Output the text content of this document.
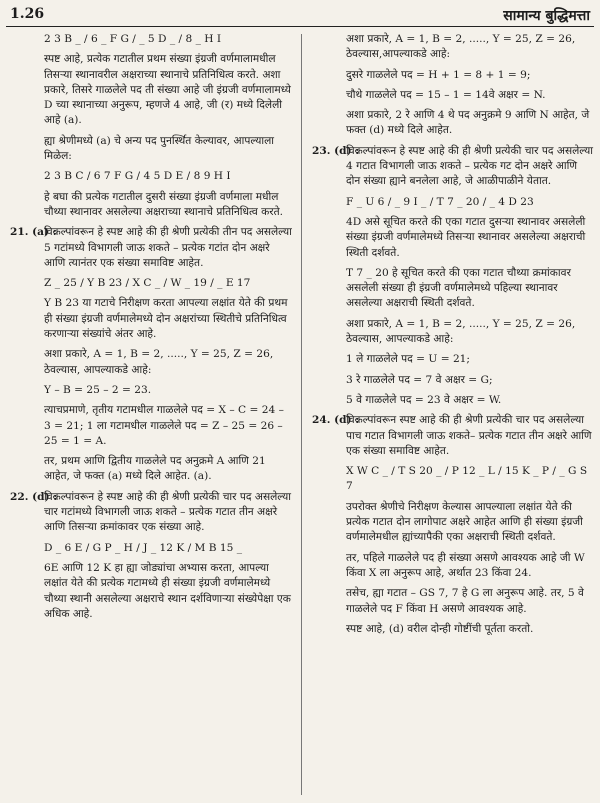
1.26	सामान्य बुद्धिमत्ता
2 3 B _ / 6 _ F G / _ 5 D _ / 8 _ H I
स्पष्ट आहे, प्रत्येक गटातील प्रथम संख्या इंग्रजी वर्णमालामधील तिसऱ्या स्थानावरील अक्षराच्या स्थानाचे प्रतिनिधित्व करते. अशा प्रकारे, तिसरे गाळलेले पद ती संख्या आहे जी इंग्रजी वर्णमालामध्ये D च्या स्थानाच्या अनुरूप, म्हणजे 4 आहे, जी (र) मध्ये दिलेली आहे (a).
ह्या श्रेणीमध्ये (a) चे अन्य पद पुनर्स्थित केल्यावर, आपल्याला मिळेल:
2 3 B C / 6 7 F G / 4 5 D E / 8 9 H I
हे बघा की प्रत्येक गटातील दुसरी संख्या इंग्रजी वर्णमाला मधील चौथ्या स्थानावर असलेल्या अक्षराच्या स्थानाचे प्रतिनिधित्व करते.
21. (a) :
विकल्पांवरून हे स्पष्ट आहे की ही श्रेणी प्रत्येकी तीन पद असलेल्या 5 गटांमध्ये विभागली जाऊ शकते – प्रत्येक गटांत दोन अक्षरे आणि त्यानंतर एक संख्या समाविष्ट आहेत.
Z _ 25 / Y B 23 / X C _ / W _ 19 / _ E 17
Y B 23 या गटाचे निरीक्षण करता आपल्या लक्षांत येते की प्रथम ही संख्या इंग्रजी वर्णमालेमध्ये दोन अक्षरांच्या स्थितीचे प्रतिनिधित्व करणाऱ्या संख्यांचे अंतर आहे.
अशा प्रकारे, A = 1, B = 2, ....., Y = 25, Z = 26, ठेवल्यास, आपल्याकडे आहे:
Y – B = 25 – 2 = 23.
त्याचप्रमाणे, तृतीय गटामधील गाळलेले पद = X – C = 24 – 3 = 21; 1 ला गटामधील गाळलेले पद = Z – 25 = 26 – 25 = 1 = A.
तर, प्रथम आणि द्वितीय गाळलेले पद अनुक्रमे A आणि 21 आहेत, जे फक्त (a) मध्ये दिले आहेत. (a).
22. (d) :
विकल्पांवरून हे स्पष्ट आहे की ही श्रेणी प्रत्येकी चार पद असलेल्या चार गटांमध्ये विभागली जाऊ शकते – प्रत्येक गटात तीन अक्षरे आणि तिसऱ्या क्रमांकावर एक संख्या आहे.
D _ 6 E / G P _ H / J _ 12 K / M B 15 _
6E आणि 12 K हा ह्या जोड्यांचा अभ्यास करता, आपल्या लक्षांत येते की प्रत्येक गटामध्ये ही संख्या इंग्रजी वर्णमालेमध्ये चौथ्या स्थानी असलेल्या अक्षराचे स्थान दर्शविणाऱ्या संख्येपेक्षा एक अधिक आहे.
अशा प्रकारे, A = 1, B = 2, ....., Y = 25, Z = 26, ठेवल्यास,आपल्याकडे आहे:
दुसरे गाळलेले पद = H + 1 = 8 + 1 = 9;
चौथे गाळलेले पद = 15 – 1 = 14वे अक्षर = N.
अशा प्रकारे, 2 रे आणि 4 थे पद अनुक्रमे 9 आणि N आहेत, जे फक्त (d) मध्ये दिले आहेत.
23. (d) :
विकल्पांवरून हे स्पष्ट आहे की ही श्रेणी प्रत्येकी चार पद असलेल्या 4 गटात विभागली जाऊ शकते – प्रत्येक गट दोन अक्षरे आणि दोन संख्या ह्याने बनलेला आहे, जे आळीपाळीने येतात.
F _ U 6 / _ 9 I _ / T 7 _ 20 / _ 4 D 23
4D असे सूचित करते की एका गटात दुसऱ्या स्थानावर असलेली संख्या इंग्रजी वर्णमालेमध्ये तिसऱ्या स्थानावर असलेल्या अक्षराची स्थिती दर्शवते.
T 7 _ 20 हे सूचित करते की एका गटात चौथ्या क्रमांकावर असलेली संख्या ही इंग्रजी वर्णमालेमध्ये पहिल्या स्थानावर असलेल्या अक्षराची स्थिती दर्शवते.
अशा प्रकारे, A = 1, B = 2, ....., Y = 25, Z = 26, ठेवल्यास, आपल्याकडे आहे:
1 ले गाळलेले पद = U = 21;
3 रे गाळलेले पद = 7 वे अक्षर = G;
5 वे गाळलेले पद = 23 वे अक्षर = W.
24. (d) :
विकल्पांवरून स्पष्ट आहे की ही श्रेणी प्रत्येकी चार पद असलेल्या पाच गटात विभागली जाऊ शकते– प्रत्येक गटात तीन अक्षरे आणि एक संख्या समाविष्ट आहेत.
X W C _ / T S 20 _ / P 12 _ L / 15 K _ P / _ G S 7
उपरोक्त श्रेणीचे निरीक्षण केल्यास आपल्याला लक्षांत येते की प्रत्येक गटात दोन लागोपाट अक्षरे आहेत आणि ही संख्या इंग्रजी वर्णमालेमधील ह्यांच्यापैकी एका अक्षराची स्थिती दर्शवते.
तर, पहिले गाळलेले पद ही संख्या असणे आवश्यक आहे जी W किंवा X ला अनुरूप आहे, अर्थात 23 किंवा 24.
तसेच, ह्या गटात – GS 7, 7 हे G ला अनुरूप आहे. तर, 5 वे गाळलेले पद F किंवा H असणे आवश्यक आहे.
स्पष्ट आहे, (d) वरील दोन्ही गोष्टींची पूर्तता करतो.
